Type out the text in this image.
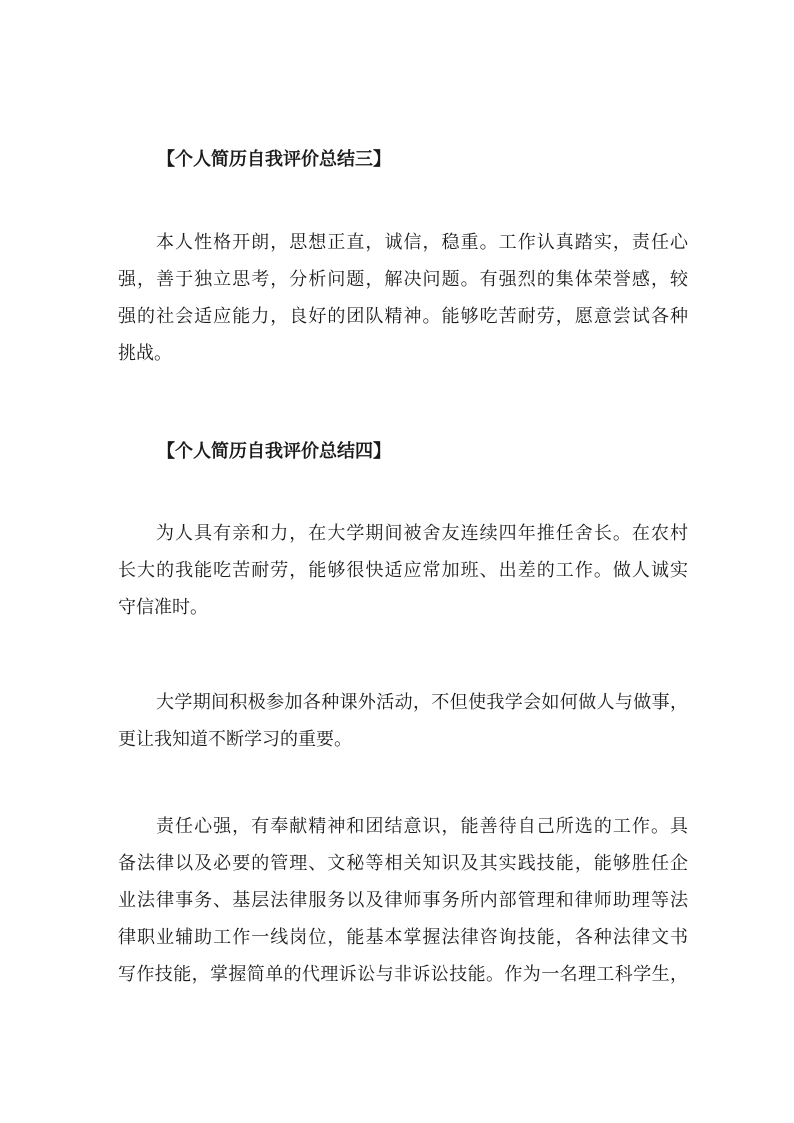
【个人简历自我评价总结三】
本人性格开朗，思想正直，诚信，稳重。工作认真踏实，责任心
强，善于独立思考，分析问题，解决问题。有强烈的集体荣誉感，较
强的社会适应能力，良好的团队精神。能够吃苦耐劳，愿意尝试各种
挑战。
【个人简历自我评价总结四】
为人具有亲和力，在大学期间被舍友连续四年推任舍长。在农村
长大的我能吃苦耐劳，能够很快适应常加班、出差的工作。做人诚实
守信准时。
大学期间积极参加各种课外活动，不但使我学会如何做人与做事，
更让我知道不断学习的重要。
责任心强，有奉献精神和团结意识，能善待自己所选的工作。具
备法律以及必要的管理、文秘等相关知识及其实践技能，能够胜任企
业法律事务、基层法律服务以及律师事务所内部管理和律师助理等法
律职业辅助工作一线岗位，能基本掌握法律咨询技能，各种法律文书
写作技能，掌握简单的代理诉讼与非诉讼技能。作为一名理工科学生，
